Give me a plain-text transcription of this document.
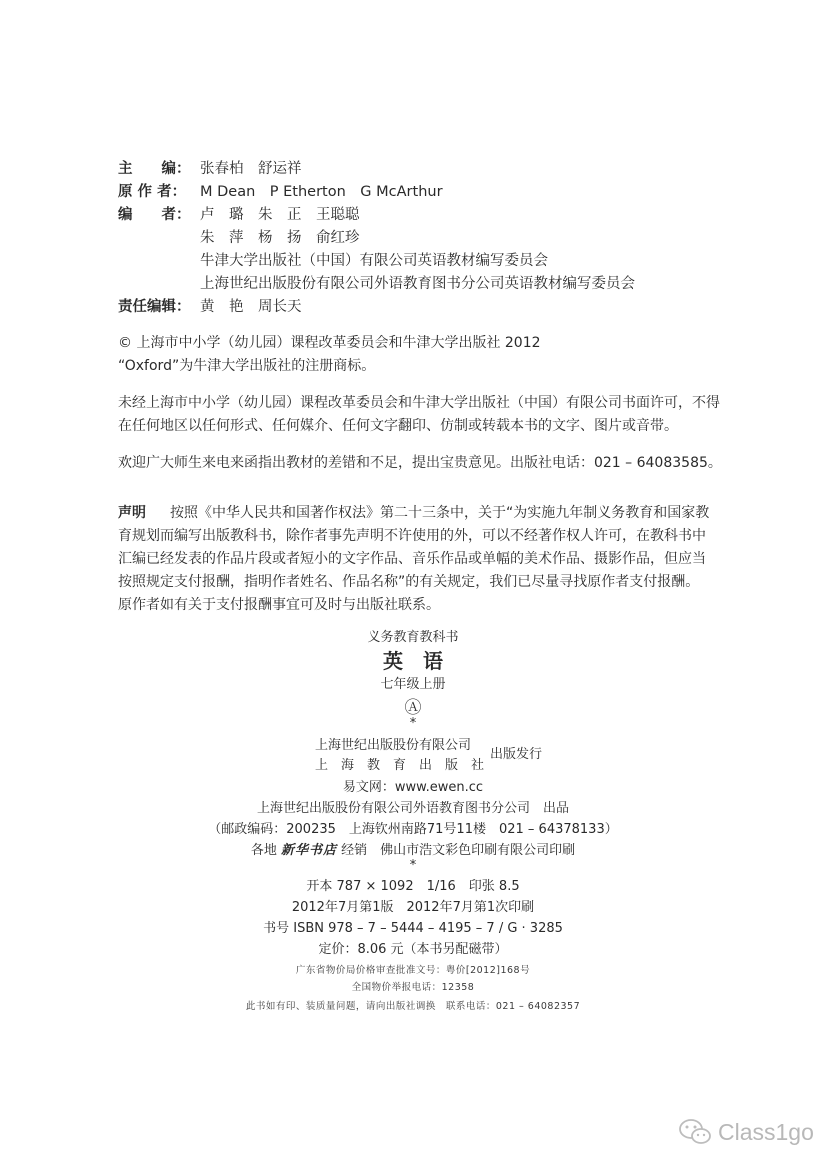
主　　编： 张春柏　舒运祥
原 作 者： M Dean　P Etherton　G McArthur
编　　者： 卢　璐　朱　正　王聪聪
朱　萍　杨　扬　俞红珍
牛津大学出版社（中国）有限公司英语教材编写委员会
上海世纪出版股份有限公司外语教育图书分公司英语教材编写委员会
责任编辑： 黄　艳　周长天
© 上海市中小学（幼儿园）课程改革委员会和牛津大学出版社 2012
“Oxford”为牛津大学出版社的注册商标。
未经上海市中小学（幼儿园）课程改革委员会和牛津大学出版社（中国）有限公司书面许可，不得
在任何地区以任何形式、任何媒介、任何文字翻印、仿制或转载本书的文字、图片或音带。
欢迎广大师生来电来函指出教材的差错和不足，提出宝贵意见。出版社电话：021 – 64083585。
声明 按照《中华人民共和国著作权法》第二十三条中，关于“为实施九年制义务教育和国家教
育规划而编写出版教科书，除作者事先声明不许使用的外，可以不经著作权人许可，在教科书中
汇编已经发表的作品片段或者短小的文字作品、音乐作品或单幅的美术作品、摄影作品，但应当
按照规定支付报酬，指明作者姓名、作品名称”的有关规定，我们已尽量寻找原作者支付报酬。
原作者如有关于支付报酬事宜可及时与出版社联系。
义务教育教科书
英　语
七年级上册
Ⓐ
*
上海世纪出版股份有限公司
上　海　教　育　出　版　社
出版发行
易文网：www.ewen.cc
上海世纪出版股份有限公司外语教育图书分公司　出品
（邮政编码：200235　上海钦州南路71号11楼　021 – 64378133）
各地 新华书店 经销　佛山市浩文彩色印刷有限公司印刷
*
开本 787 × 1092　1/16　印张 8.5
2012年7月第1版　2012年7月第1次印刷
书号 ISBN 978 – 7 – 5444 – 4195 – 7 / G · 3285
定价：8.06 元（本书另配磁带）
广东省物价局价格审查批准文号：粤价[2012]168号
全国物价举报电话：12358
此书如有印、装质量问题，请向出版社调换　联系电话：021 – 64082357
Class1go
